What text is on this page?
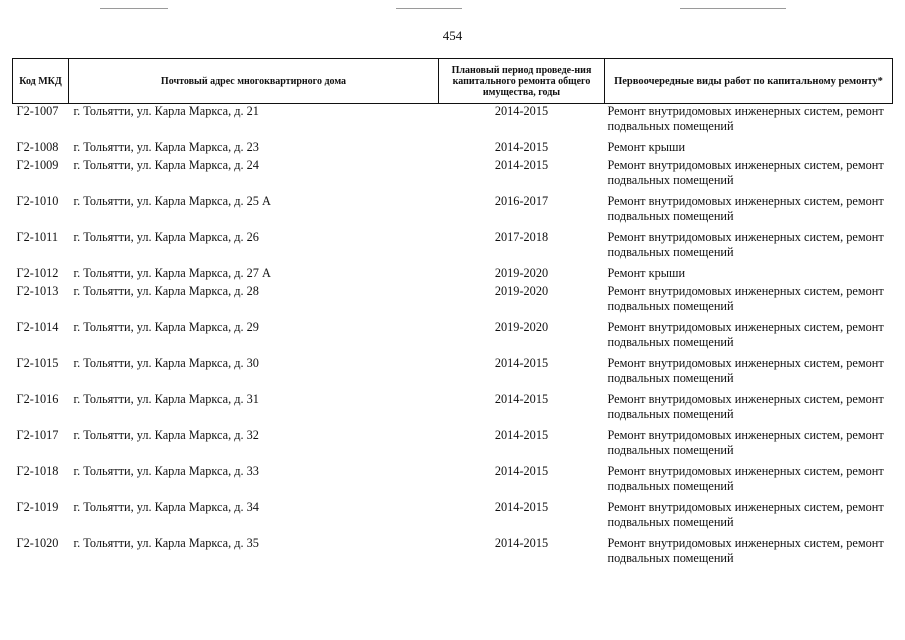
454
Код МКД	Почтовый адрес многоквартирного дома	Плановый период проведе-ния капитального ремонта общего имущества, годы	Первоочередные виды работ по капитальному ремонту*
Г2-1007	г. Тольятти, ул. Карла Маркса, д. 21	2014-2015	Ремонт внутридомовых инженерных систем, ремонт подвальных помещений
Г2-1008	г. Тольятти, ул. Карла Маркса, д. 23	2014-2015	Ремонт крыши
Г2-1009	г. Тольятти, ул. Карла Маркса, д. 24	2014-2015	Ремонт внутридомовых инженерных систем, ремонт подвальных помещений
Г2-1010	г. Тольятти, ул. Карла Маркса, д. 25 А	2016-2017	Ремонт внутридомовых инженерных систем, ремонт подвальных помещений
Г2-1011	г. Тольятти, ул. Карла Маркса, д. 26	2017-2018	Ремонт внутридомовых инженерных систем, ремонт подвальных помещений
Г2-1012	г. Тольятти, ул. Карла Маркса, д. 27 А	2019-2020	Ремонт крыши
Г2-1013	г. Тольятти, ул. Карла Маркса, д. 28	2019-2020	Ремонт внутридомовых инженерных систем, ремонт подвальных помещений
Г2-1014	г. Тольятти, ул. Карла Маркса, д. 29	2019-2020	Ремонт внутридомовых инженерных систем, ремонт подвальных помещений
Г2-1015	г. Тольятти, ул. Карла Маркса, д. 30	2014-2015	Ремонт внутридомовых инженерных систем, ремонт подвальных помещений
Г2-1016	г. Тольятти, ул. Карла Маркса, д. 31	2014-2015	Ремонт внутридомовых инженерных систем, ремонт подвальных помещений
Г2-1017	г. Тольятти, ул. Карла Маркса, д. 32	2014-2015	Ремонт внутридомовых инженерных систем, ремонт подвальных помещений
Г2-1018	г. Тольятти, ул. Карла Маркса, д. 33	2014-2015	Ремонт внутридомовых инженерных систем, ремонт подвальных помещений
Г2-1019	г. Тольятти, ул. Карла Маркса, д. 34	2014-2015	Ремонт внутридомовых инженерных систем, ремонт подвальных помещений
Г2-1020	г. Тольятти, ул. Карла Маркса, д. 35	2014-2015	Ремонт внутридомовых инженерных систем, ремонт подвальных помещений
